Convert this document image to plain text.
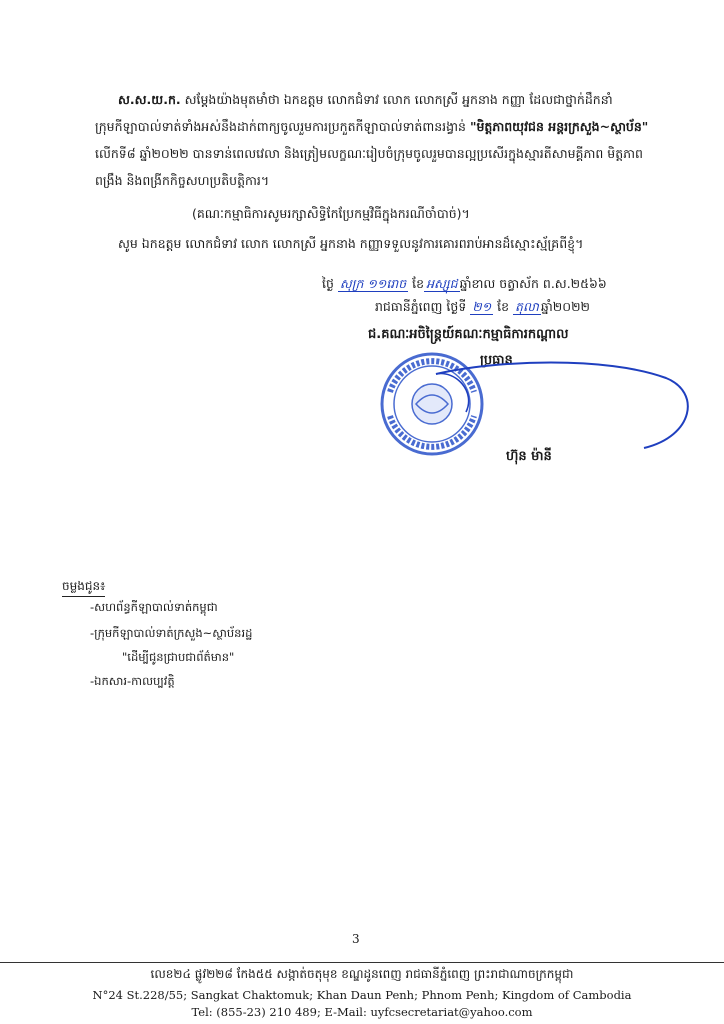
ស.ស.យ.ក. សម្ដែងយ៉ាងមុតមាំថា ឯកឧត្តម លោកជំទាវ លោក លោកស្រី អ្នកនាង កញ្ញា ដែលជាថ្នាក់ដឹកនាំ
ក្រុមកីឡាបាល់ទាត់ទាំងអស់នឹងដាក់ពាក្យចូលរួមការប្រកួតកីឡាបាល់ទាត់ពានរង្វាន់ "មិត្តភាពយុវជន អន្តរក្រសួង~ស្ថាប័ន"
លើកទី៨ ឆ្នាំ២០២២ បានទាន់ពេលវេលា និងត្រៀមលក្ខណៈរៀបចំក្រុមចូលរួមបានល្អប្រសើរក្នុងស្មារតីសាមគ្គីភាព មិត្តភាព
ពង្រឹង និងពង្រីកកិច្ចសហប្រតិបត្តិការ។
(គណៈកម្មាធិការសូមរក្សាសិទ្ធិកែប្រែកម្មវិធីក្នុងករណីចាំបាច់)។
សូម ឯកឧត្តម លោកជំទាវ លោក លោកស្រី អ្នកនាង កញ្ញាទទួលនូវការគោរពរាប់អានដ៏ស្មោះស្ម័គ្រពីខ្ញុំ។
ថ្ងៃ សុក្រ ១១រោច ខែ អស្សុជ ឆ្នាំខាល ចត្វាស័ក ព.ស.២៥៦៦
រាជធានីភ្នំពេញ ថ្ងៃទី ២១ ខែ តុលា ឆ្នាំ២០២២
ជ.គណៈអចិន្ត្រៃយ៍គណៈកម្មាធិការកណ្ដាល
ប្រធាន
ហ៊ុន ម៉ានី
ចម្លងជូន៖
-សហព័ន្ធកីឡាបាល់ទាត់កម្ពុជា
-ក្រុមកីឡាបាល់ទាត់ក្រសួង~ស្ថាប័នរដ្ឋ
"ដើម្បីជូនជ្រាបជាព័ត៌មាន"
-ឯកសារ-កាលប្បវត្តិ
3
លេខ២៤ ផ្លូវ២២៨ កែង៥៥ សង្កាត់ចតុមុខ ខណ្ឌដូនពេញ រាជធានីភ្នំពេញ ព្រះរាជាណាចក្រកម្ពុជា
N°24 St.228/55; Sangkat Chaktomuk; Khan Daun Penh; Phnom Penh; Kingdom of Cambodia
Tel: (855-23) 210 489; E-Mail: uyfcsecretariat@yahoo.com
